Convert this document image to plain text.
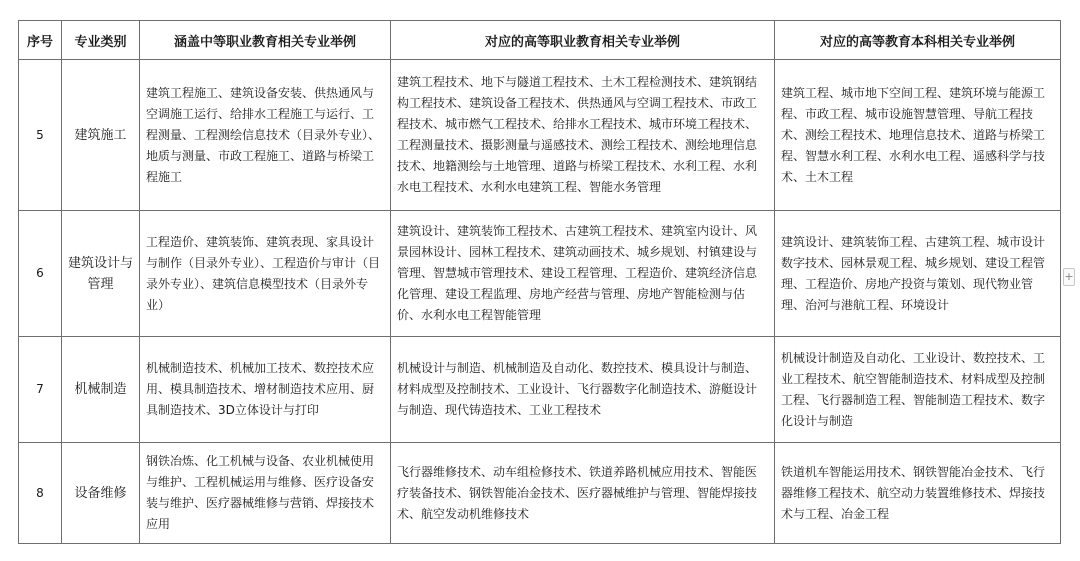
序号	专业类别	涵盖中等职业教育相关专业举例	对应的高等职业教育相关专业举例	对应的高等教育本科相关专业举例
5	建筑施工	建筑工程施工、建筑设备安装、供热通风与空调施工运行、给排水工程施工与运行、工程测量、工程测绘信息技术（目录外专业）、地质与测量、市政工程施工、道路与桥梁工程施工	建筑工程技术、地下与隧道工程技术、土木工程检测技术、建筑钢结构工程技术、建筑设备工程技术、供热通风与空调工程技术、市政工程技术、城市燃气工程技术、给排水工程技术、城市环境工程技术、工程测量技术、摄影测量与遥感技术、测绘工程技术、测绘地理信息技术、地籍测绘与土地管理、道路与桥梁工程技术、水利工程、水利水电工程技术、水利水电建筑工程、智能水务管理	建筑工程、城市地下空间工程、建筑环境与能源工程、市政工程、城市设施智慧管理、导航工程技术、测绘工程技术、地理信息技术、道路与桥梁工程、智慧水利工程、水利水电工程、遥感科学与技术、土木工程
6	建筑设计与管理	工程造价、建筑装饰、建筑表现、家具设计与制作（目录外专业）、工程造价与审计（目录外专业）、建筑信息模型技术（目录外专业）	建筑设计、建筑装饰工程技术、古建筑工程技术、建筑室内设计、风景园林设计、园林工程技术、建筑动画技术、城乡规划、村镇建设与管理、智慧城市管理技术、建设工程管理、工程造价、建筑经济信息化管理、建设工程监理、房地产经营与管理、房地产智能检测与估价、水利水电工程智能管理	建筑设计、建筑装饰工程、古建筑工程、城市设计数字技术、园林景观工程、城乡规划、建设工程管理、工程造价、房地产投资与策划、现代物业管理、治河与港航工程、环境设计
7	机械制造	机械制造技术、机械加工技术、数控技术应用、模具制造技术、增材制造技术应用、厨具制造技术、3D立体设计与打印	机械设计与制造、机械制造及自动化、数控技术、模具设计与制造、材料成型及控制技术、工业设计、飞行器数字化制造技术、游艇设计与制造、现代铸造技术、工业工程技术	机械设计制造及自动化、工业设计、数控技术、工业工程技术、航空智能制造技术、材料成型及控制工程、飞行器制造工程、智能制造工程技术、数字化设计与制造
8	设备维修	钢铁冶炼、化工机械与设备、农业机械使用与维护、工程机械运用与维修、医疗设备安装与维护、医疗器械维修与营销、焊接技术应用	飞行器维修技术、动车组检修技术、铁道养路机械应用技术、智能医疗装备技术、钢铁智能冶金技术、医疗器械维护与管理、智能焊接技术、航空发动机维修技术	铁道机车智能运用技术、钢铁智能冶金技术、飞行器维修工程技术、航空动力装置维修技术、焊接技术与工程、冶金工程
+
